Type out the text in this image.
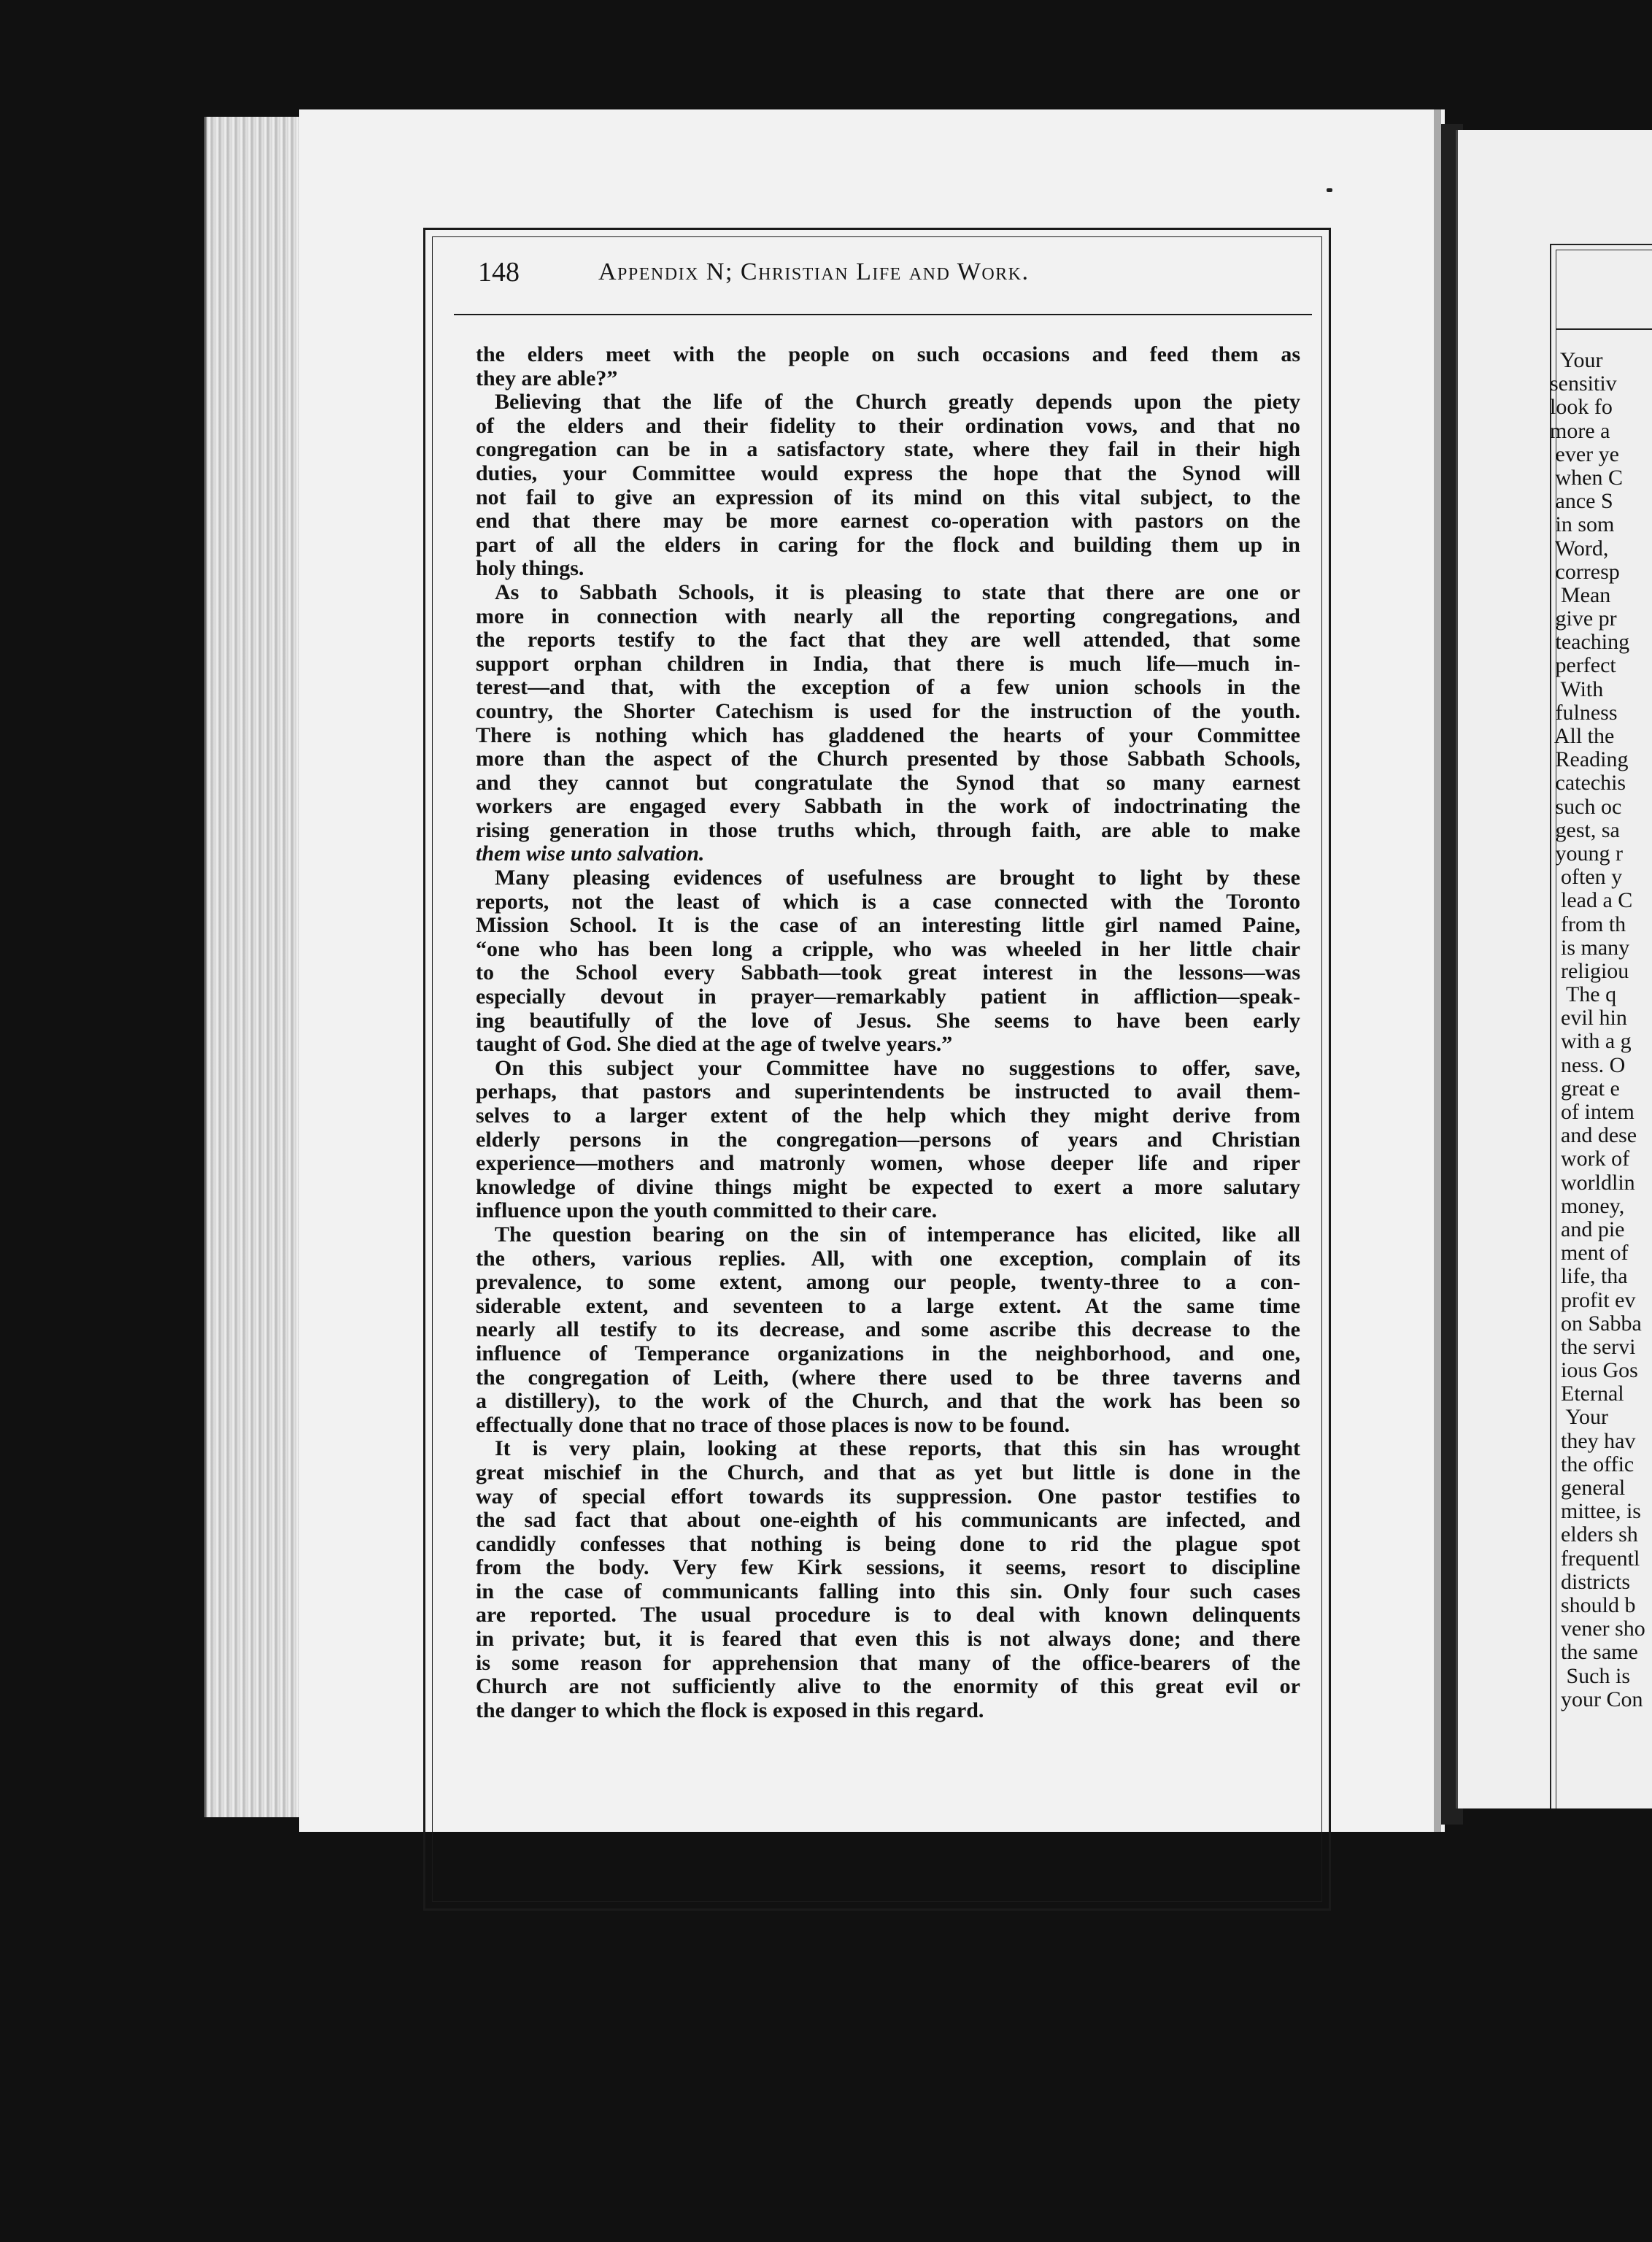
Your
sensitiv
look fo
more a
ever ye
when C
ance S
in som
Word,
corresp
Mean
give pr
teaching
perfect
With
fulness
All the
Reading
catechis
such oc
gest, sa
young r
often y
lead a C
from th
is many
religiou
The q
evil hin
with a g
ness. O
great e
of intem
and dese
work of
worldlin
money,
and pie
ment of
life, tha
profit ev
on Sabba
the servi
ious Gos
Eternal
Your
they hav
the offic
general
mittee, is
elders sh
frequentl
districts
should b
vener sho
the same
Such is
your Con
148	Appendix N; Christian Life and Work.
the elders meet with the people on such occasions and feed them as
they are able?”
Believing that the life of the Church greatly depends upon the piety
of the elders and their fidelity to their ordination vows, and that no
congregation can be in a satisfactory state, where they fail in their high
duties, your Committee would express the hope that the Synod will
not fail to give an expression of its mind on this vital subject, to the
end that there may be more earnest co-operation with pastors on the
part of all the elders in caring for the flock and building them up in
holy things.
As to Sabbath Schools, it is pleasing to state that there are one or
more in connection with nearly all the reporting congregations, and
the reports testify to the fact that they are well attended, that some
support orphan children in India, that there is much life—much in-
terest—and that, with the exception of a few union schools in the
country, the Shorter Catechism is used for the instruction of the youth.
There is nothing which has gladdened the hearts of your Committee
more than the aspect of the Church presented by those Sabbath Schools,
and they cannot but congratulate the Synod that so many earnest
workers are engaged every Sabbath in the work of indoctrinating the
rising generation in those truths which, through faith, are able to make
them wise unto salvation.
Many pleasing evidences of usefulness are brought to light by these
reports, not the least of which is a case connected with the Toronto
Mission School. It is the case of an interesting little girl named Paine,
“one who has been long a cripple, who was wheeled in her little chair
to the School every Sabbath—took great interest in the lessons—was
especially devout in prayer—remarkably patient in affliction—speak-
ing beautifully of the love of Jesus. She seems to have been early
taught of God. She died at the age of twelve years.”
On this subject your Committee have no suggestions to offer, save,
perhaps, that pastors and superintendents be instructed to avail them-
selves to a larger extent of the help which they might derive from
elderly persons in the congregation—persons of years and Christian
experience—mothers and matronly women, whose deeper life and riper
knowledge of divine things might be expected to exert a more salutary
influence upon the youth committed to their care.
The question bearing on the sin of intemperance has elicited, like all
the others, various replies. All, with one exception, complain of its
prevalence, to some extent, among our people, twenty-three to a con-
siderable extent, and seventeen to a large extent. At the same time
nearly all testify to its decrease, and some ascribe this decrease to the
influence of Temperance organizations in the neighborhood, and one,
the congregation of Leith, (where there used to be three taverns and
a distillery), to the work of the Church, and that the work has been so
effectually done that no trace of those places is now to be found.
It is very plain, looking at these reports, that this sin has wrought
great mischief in the Church, and that as yet but little is done in the
way of special effort towards its suppression. One pastor testifies to
the sad fact that about one-eighth of his communicants are infected, and
candidly confesses that nothing is being done to rid the plague spot
from the body. Very few Kirk sessions, it seems, resort to discipline
in the case of communicants falling into this sin. Only four such cases
are reported. The usual procedure is to deal with known delinquents
in private; but, it is feared that even this is not always done; and there
is some reason for apprehension that many of the office-bearers of the
Church are not sufficiently alive to the enormity of this great evil or
the danger to which the flock is exposed in this regard.
